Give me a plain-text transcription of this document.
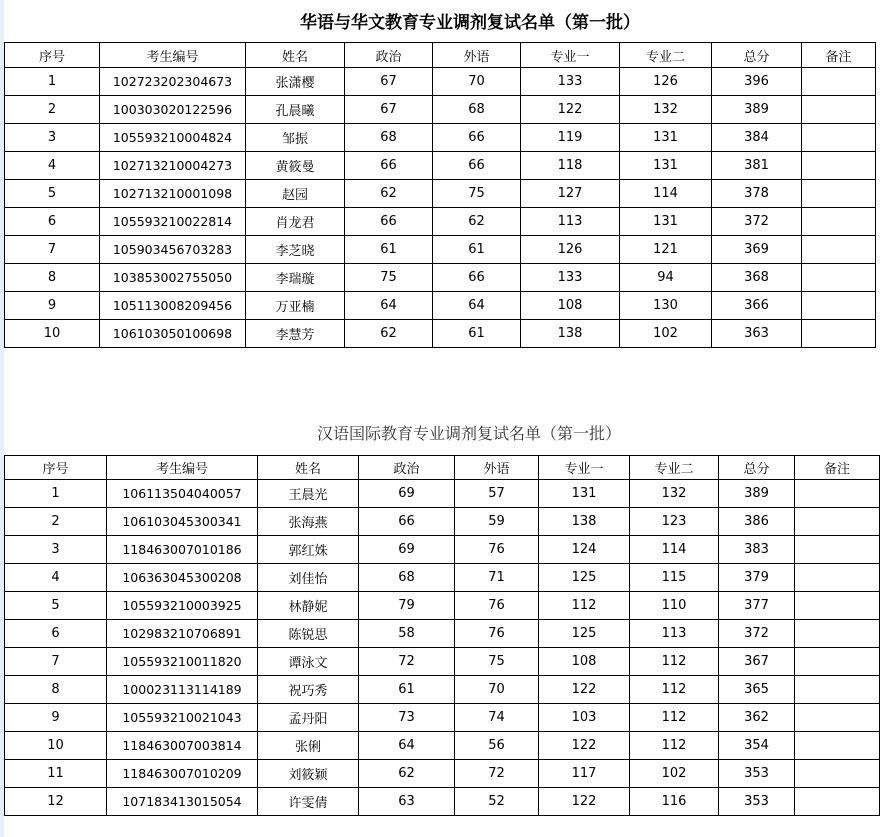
华语与华文教育专业调剂复试名单（第一批）
序号	考生编号	姓名	政治	外语	专业一	专业二	总分	备注
1	102723202304673	张潇樱	67	70	133	126	396	
2	100303020122596	孔晨曦	67	68	122	132	389	
3	105593210004824	邹振	68	66	119	131	384	
4	102713210004273	黄筱曼	66	66	118	131	381	
5	102713210001098	赵园	62	75	127	114	378	
6	105593210022814	肖龙君	66	62	113	131	372	
7	105903456703283	李芝晓	61	61	126	121	369	
8	103853002755050	李瑞璇	75	66	133	94	368	
9	105113008209456	万亚楠	64	64	108	130	366	
10	106103050100698	李慧芳	62	61	138	102	363	
汉语国际教育专业调剂复试名单（第一批）
序号	考生编号	姓名	政治	外语	专业一	专业二	总分	备注
1	106113504040057	王晨光	69	57	131	132	389	
2	106103045300341	张海燕	66	59	138	123	386	
3	118463007010186	郭红姝	69	76	124	114	383	
4	106363045300208	刘佳怡	68	71	125	115	379	
5	105593210003925	林静妮	79	76	112	110	377	
6	102983210706891	陈锐思	58	76	125	113	372	
7	105593210011820	谭泳文	72	75	108	112	367	
8	100023113114189	祝巧秀	61	70	122	112	365	
9	105593210021043	孟丹阳	73	74	103	112	362	
10	118463007003814	张俐	64	56	122	112	354	
11	118463007010209	刘筱颖	62	72	117	102	353	
12	107183413015054	许雯倩	63	52	122	116	353	
